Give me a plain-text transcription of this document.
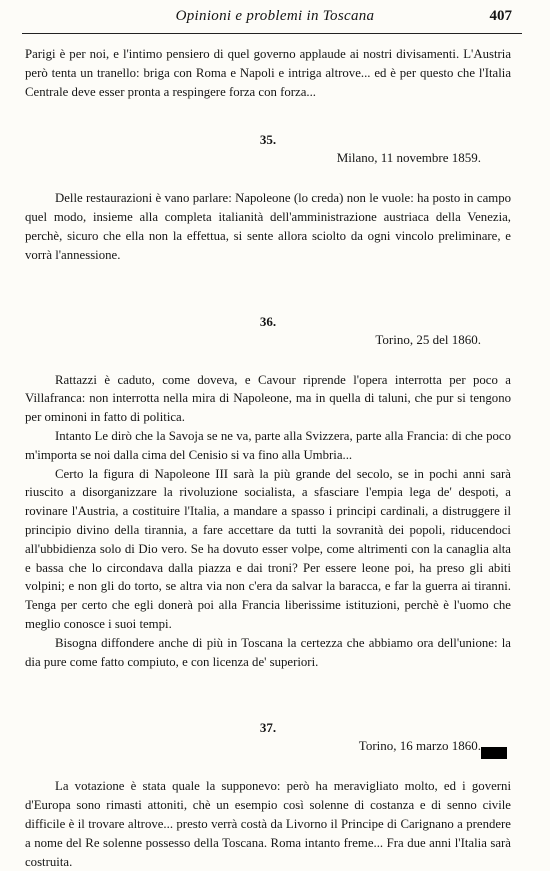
Opinioni e problemi in Toscana	407

Parigi è per noi, e l'intimo pensiero di quel governo applaude ai nostri divisamenti. L'Austria però tenta un tranello: briga con Roma e Napoli e intriga altrove... ed è per questo che l'Italia Centrale deve esser pronta a respingere forza con forza...

35.
Milano, 11 novembre 1859.

Delle restaurazioni è vano parlare: Napoleone (lo creda) non le vuole: ha posto in campo quel modo, insieme alla completa italianità dell'amministrazione austriaca della Venezia, perchè, sicuro che ella non la effettua, si sente allora sciolto da ogni vincolo preliminare, e vorrà l'annessione.

36.
Torino, 25 del 1860.

Rattazzi è caduto, come doveva, e Cavour riprende l'opera interrotta per poco a Villafranca: non interrotta nella mira di Napoleone, ma in quella di taluni, che pur si tengono per ominoni in fatto di politica.

Intanto Le dirò che la Savoja se ne va, parte alla Svizzera, parte alla Francia: di che poco m'importa se noi dalla cima del Cenisio si va fino alla Umbria...

Certo la figura di Napoleone III sarà la più grande del secolo, se in pochi anni sarà riuscito a disorganizzare la rivoluzione socialista, a sfasciare l'empia lega de' despoti, a rovinare l'Austria, a costituire l'Italia, a mandare a spasso i principi cardinali, a distruggere il principio divino della tirannia, a fare accettare da tutti la sovranità dei popoli, riducendoci all'ubbidienza solo di Dio vero. Se ha dovuto esser volpe, come altrimenti con la canaglia alta e bassa che lo circondava dalla piazza e dai troni? Per essere leone poi, ha preso gli abiti volpini; e non gli do torto, se altra via non c'era da salvar la baracca, e far la guerra ai tiranni. Tenga per certo che egli donerà poi alla Francia liberissime istituzioni, perchè è l'uomo che meglio conosce i suoi tempi.

Bisogna diffondere anche di più in Toscana la certezza che abbiamo ora dell'unione: la dia pure come fatto compiuto, e con licenza de' superiori.

37.
Torino, 16 marzo 1860.

La votazione è stata quale la supponevo: però ha meravigliato molto, ed i governi d'Europa sono rimasti attoniti, chè un esempio così solenne di costanza e di senno civile difficile è il trovare altrove... presto verrà costà da Livorno il Principe di Carignano a prendere a nome del Re solenne possesso della Toscana. Roma intanto freme... Fra due anni l'Italia sarà costruita.
